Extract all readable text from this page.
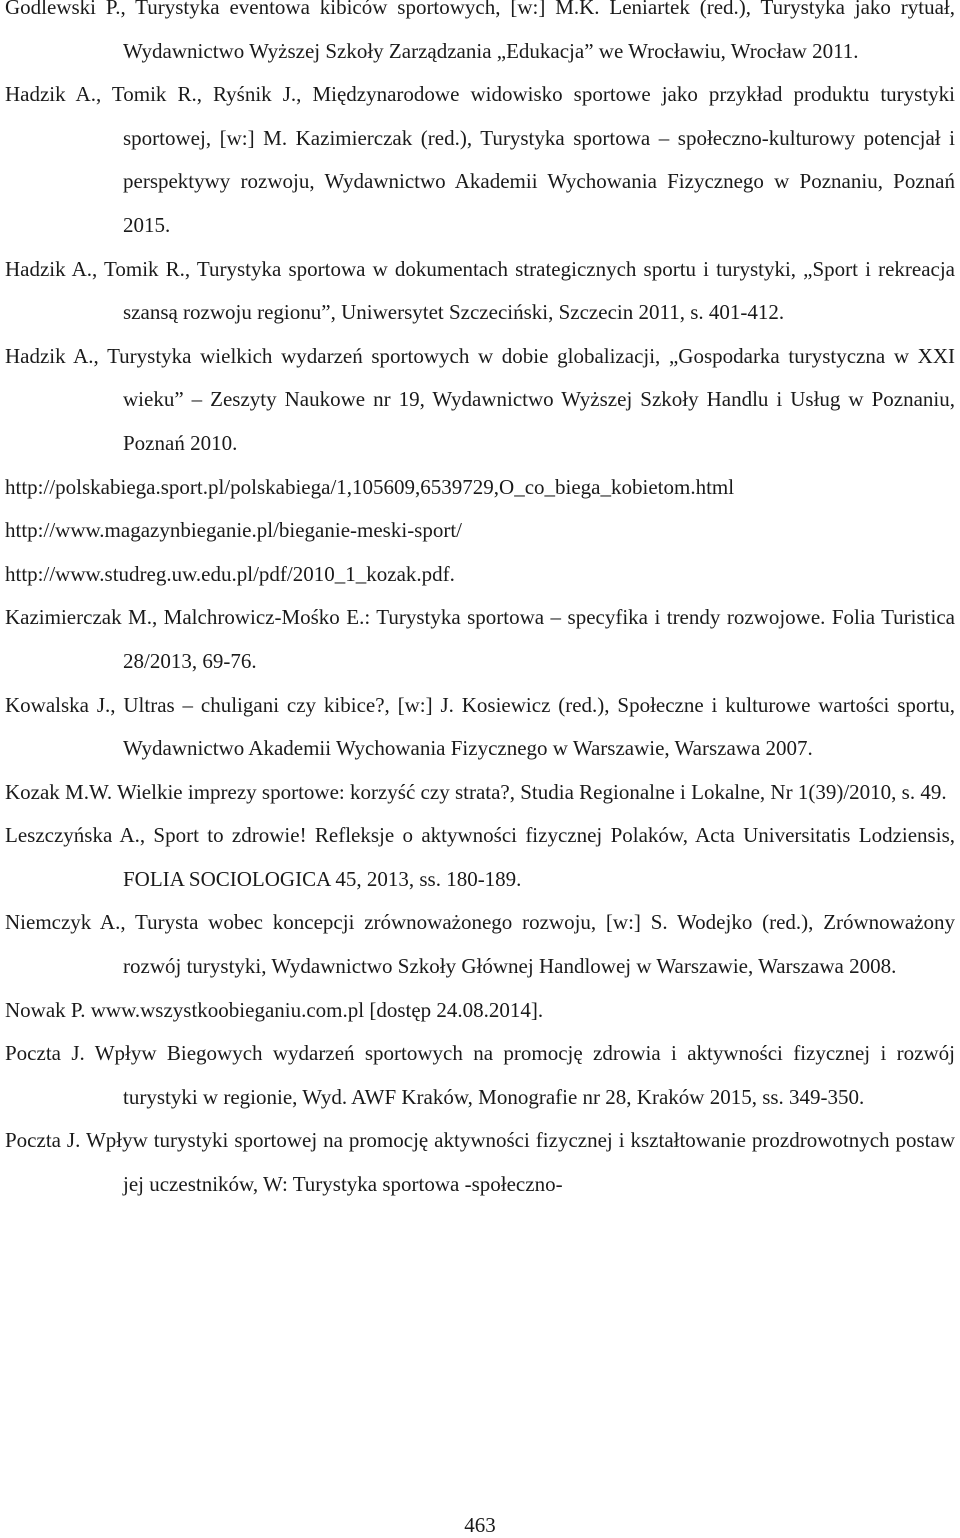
Godlewski P., Turystyka eventowa kibiców sportowych, [w:] M.K. Leniartek (red.), Turystyka jako rytuał, Wydawnictwo Wyższej Szkoły Zarządzania „Edukacja” we Wrocławiu, Wrocław 2011.
Hadzik A., Tomik R., Ryśnik J., Międzynarodowe widowisko sportowe jako przykład produktu turystyki sportowej, [w:] M. Kazimierczak (red.), Turystyka sportowa – społeczno-kulturowy potencjał i perspektywy rozwoju, Wydawnictwo Akademii Wychowania Fizycznego w Poznaniu, Poznań 2015.
Hadzik A., Tomik R., Turystyka sportowa w dokumentach strategicznych sportu i turystyki, „Sport i rekreacja szansą rozwoju regionu”, Uniwersytet Szczeciński, Szczecin 2011, s. 401-412.
Hadzik A., Turystyka wielkich wydarzeń sportowych w dobie globalizacji, „Gospodarka turystyczna w XXI wieku” – Zeszyty Naukowe nr 19, Wydawnictwo Wyższej Szkoły Handlu i Usług w Poznaniu, Poznań 2010.
http://polskabiega.sport.pl/polskabiega/1,105609,6539729,O_co_biega_kobietom.html
http://www.magazynbieganie.pl/bieganie-meski-sport/
http://www.studreg.uw.edu.pl/pdf/2010_1_kozak.pdf.
Kazimierczak M., Malchrowicz-Mośko E.: Turystyka sportowa – specyfika i trendy rozwojowe. Folia Turistica 28/2013, 69-76.
Kowalska J., Ultras – chuligani czy kibice?, [w:] J. Kosiewicz (red.), Społeczne i kulturowe wartości sportu, Wydawnictwo Akademii Wychowania Fizycznego w Warszawie, Warszawa 2007.
Kozak M.W. Wielkie imprezy sportowe: korzyść czy strata?, Studia Regionalne i Lokalne, Nr 1(39)/2010, s. 49.
Leszczyńska A., Sport to zdrowie! Refleksje o aktywności fizycznej Polaków, Acta Universitatis Lodziensis, FOLIA SOCIOLOGICA 45, 2013, ss. 180-189.
Niemczyk A., Turysta wobec koncepcji zrównoważonego rozwoju, [w:] S. Wodejko (red.), Zrównoważony rozwój turystyki, Wydawnictwo Szkoły Głównej Handlowej w Warszawie, Warszawa 2008.
Nowak P. www.wszystkoobieganiu.com.pl [dostęp 24.08.2014].
Poczta J. Wpływ Biegowych wydarzeń sportowych na promocję zdrowia i aktywności fizycznej i rozwój turystyki w regionie, Wyd. AWF Kraków, Monografie nr 28, Kraków 2015, ss. 349-350.
Poczta J. Wpływ turystyki sportowej na promocję aktywności fizycznej i kształtowanie prozdrowotnych postaw jej uczestników, W: Turystyka sportowa -społeczno-
463
